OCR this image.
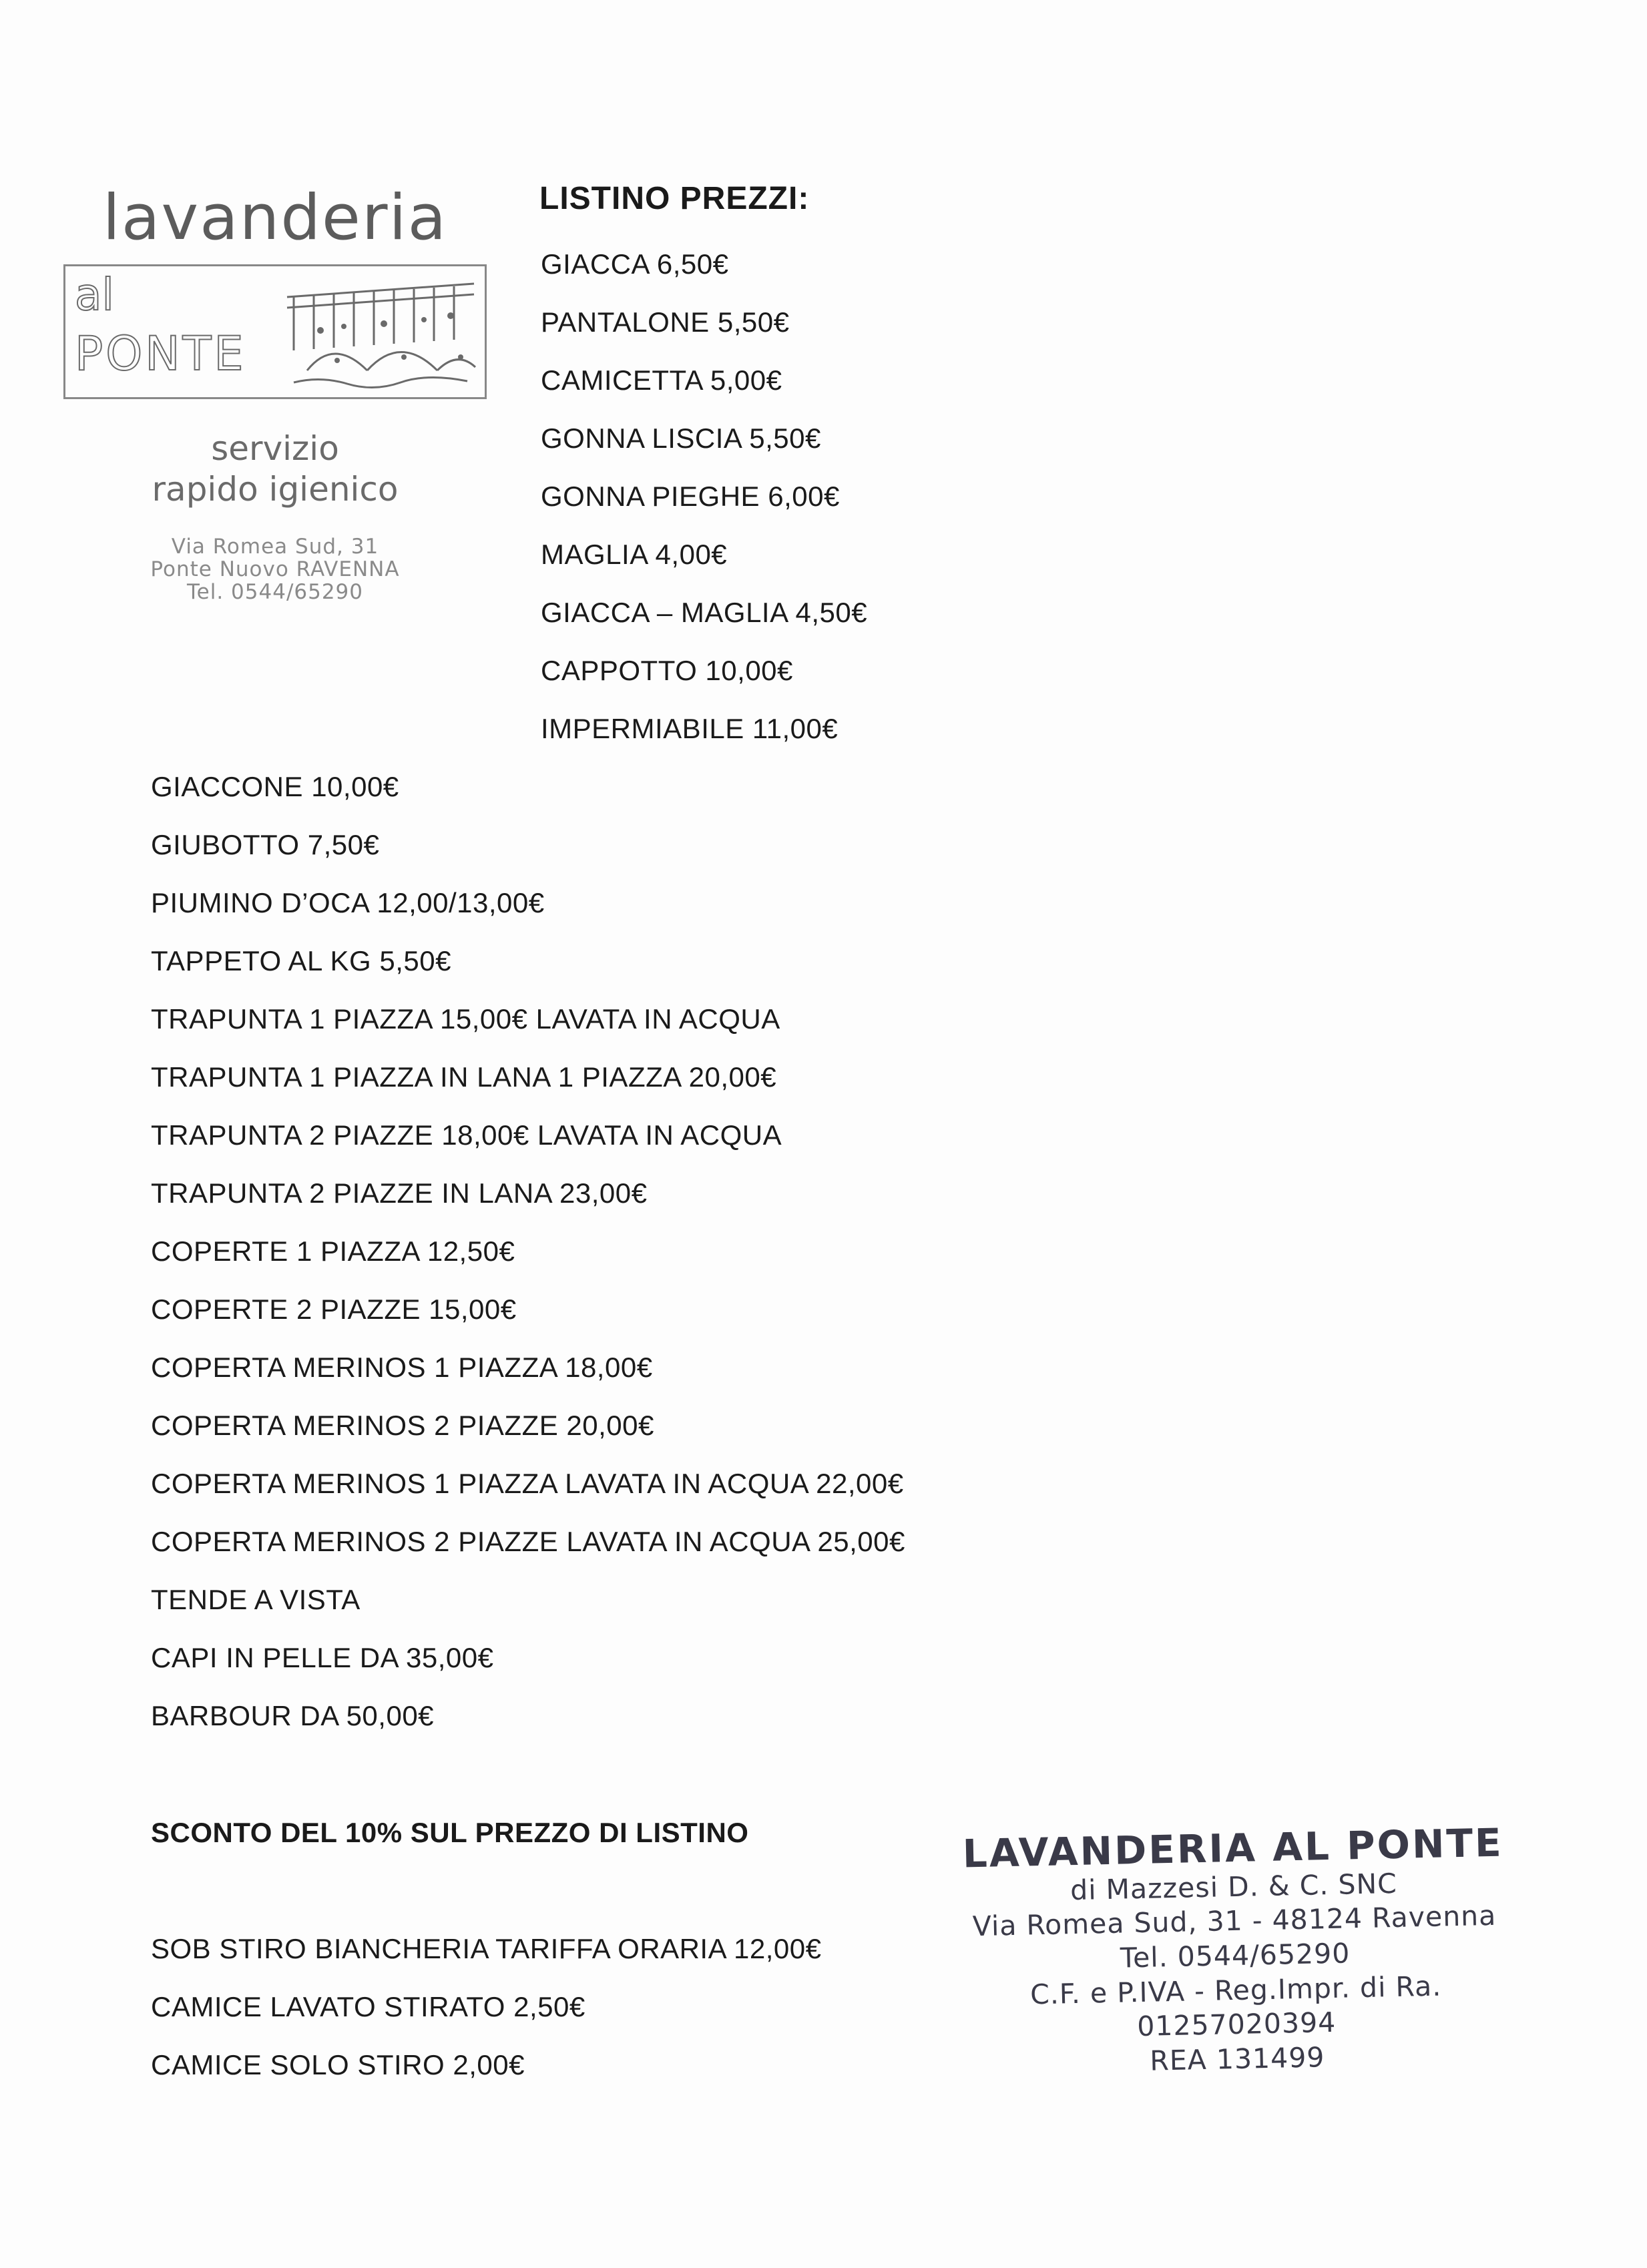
lavanderia
al
PONTE
servizio
rapido igienico
Via Romea Sud, 31
Ponte Nuovo RAVENNA
Tel. 0544/65290
LISTINO PREZZI:
GIACCA 6,50€
PANTALONE 5,50€
CAMICETTA 5,00€
GONNA LISCIA 5,50€
GONNA PIEGHE 6,00€
MAGLIA 4,00€
GIACCA – MAGLIA 4,50€
CAPPOTTO 10,00€
IMPERMIABILE 11,00€
GIACCONE 10,00€
GIUBOTTO 7,50€
PIUMINO D’OCA 12,00/13,00€
TAPPETO AL KG 5,50€
TRAPUNTA 1 PIAZZA 15,00€ LAVATA IN ACQUA
TRAPUNTA 1 PIAZZA IN LANA 1 PIAZZA 20,00€
TRAPUNTA 2 PIAZZE 18,00€ LAVATA IN ACQUA
TRAPUNTA 2 PIAZZE IN LANA 23,00€
COPERTE 1 PIAZZA 12,50€
COPERTE 2 PIAZZE 15,00€
COPERTA MERINOS 1 PIAZZA 18,00€
COPERTA MERINOS 2 PIAZZE 20,00€
COPERTA MERINOS 1 PIAZZA LAVATA IN ACQUA 22,00€
COPERTA MERINOS 2 PIAZZE LAVATA IN ACQUA 25,00€
TENDE A VISTA
CAPI IN PELLE DA 35,00€
BARBOUR DA 50,00€
SCONTO DEL 10% SUL PREZZO DI LISTINO
SOB STIRO BIANCHERIA TARIFFA ORARIA 12,00€
CAMICE LAVATO STIRATO 2,50€
CAMICE SOLO STIRO 2,00€
LAVANDERIA AL PONTE
di Mazzesi D. & C. SNC
Via Romea Sud, 31 - 48124 Ravenna
Tel. 0544/65290
C.F. e P.IVA - Reg.Impr. di Ra. 01257020394
REA 131499
